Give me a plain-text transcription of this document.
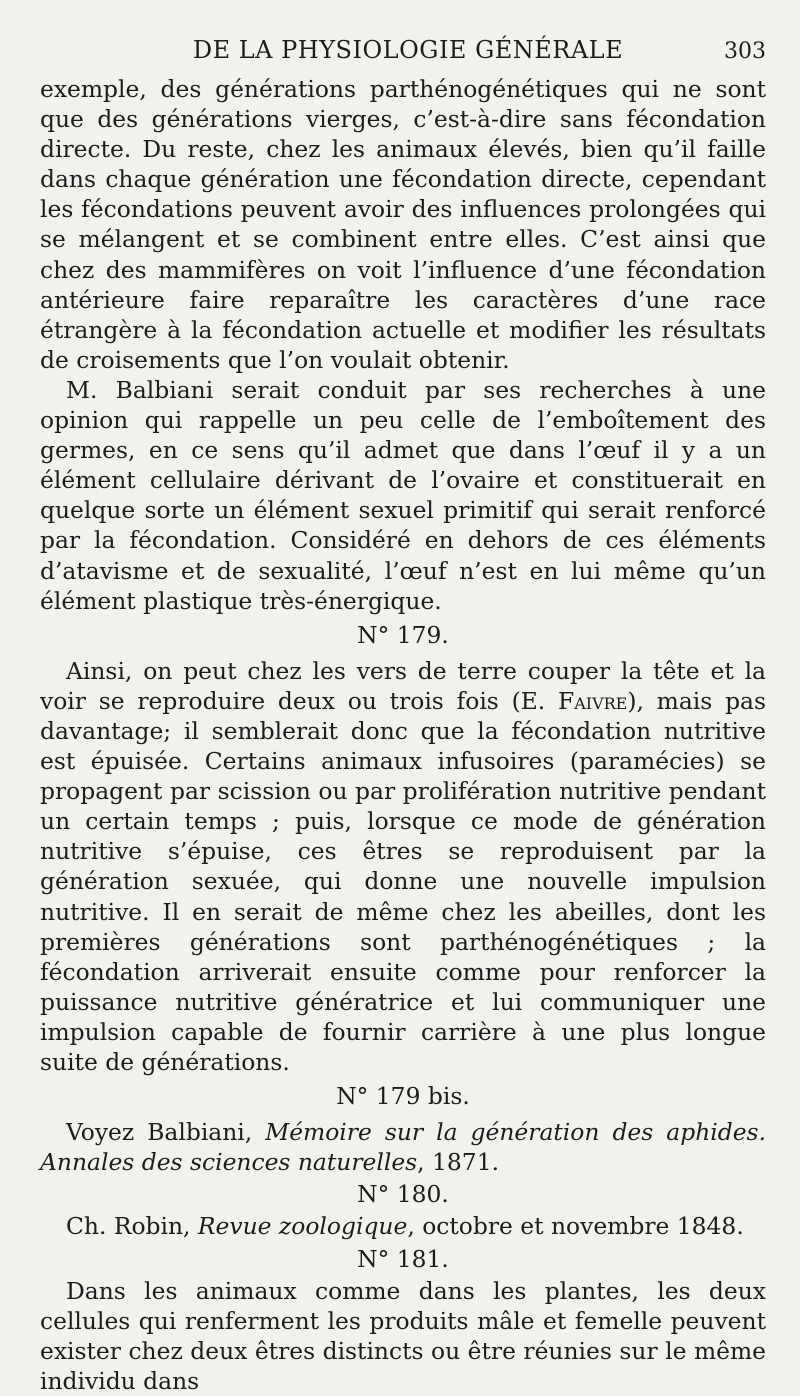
DE LA PHYSIOLOGIE GÉNÉRALE	303

exemple, des générations parthénogénétiques qui ne sont que des générations vierges, c’est-à-dire sans fécondation directe. Du reste, chez les animaux élevés, bien qu’il faille dans chaque génération une fécondation directe, cependant les fécondations peuvent avoir des influences prolongées qui se mélangent et se combinent entre elles. C’est ainsi que chez des mammifères on voit l’influence d’une fécondation antérieure faire reparaître les caractères d’une race étrangère à la fécondation actuelle et modifier les résultats de croisements que l’on voulait obtenir.

M. Balbiani serait conduit par ses recherches à une opinion qui rappelle un peu celle de l’emboîtement des germes, en ce sens qu’il admet que dans l’œuf il y a un élément cellulaire dérivant de l’ovaire et constituerait en quelque sorte un élément sexuel primitif qui serait renforcé par la fécondation. Considéré en dehors de ces éléments d’atavisme et de sexualité, l’œuf n’est en lui même qu’un élément plastique très-énergique.

N° 179.

Ainsi, on peut chez les vers de terre couper la tête et la voir se reproduire deux ou trois fois (E. Faivre), mais pas davantage; il semblerait donc que la fécondation nutritive est épuisée. Certains animaux infusoires (paramécies) se propagent par scission ou par prolifération nutritive pendant un certain temps ; puis, lorsque ce mode de génération nutritive s’épuise, ces êtres se reproduisent par la génération sexuée, qui donne une nouvelle impulsion nutritive. Il en serait de même chez les abeilles, dont les premières générations sont parthénogénétiques ; la fécondation arriverait ensuite comme pour renforcer la puissance nutritive génératrice et lui communiquer une impulsion capable de fournir carrière à une plus longue suite de générations.

N° 179 bis.

Voyez Balbiani, Mémoire sur la génération des aphides. Annales des sciences naturelles, 1871.

N° 180.

Ch. Robin, Revue zoologique, octobre et novembre 1848.

N° 181.

Dans les animaux comme dans les plantes, les deux cellules qui renferment les produits mâle et femelle peuvent exister chez deux êtres distincts ou être réunies sur le même individu dans
